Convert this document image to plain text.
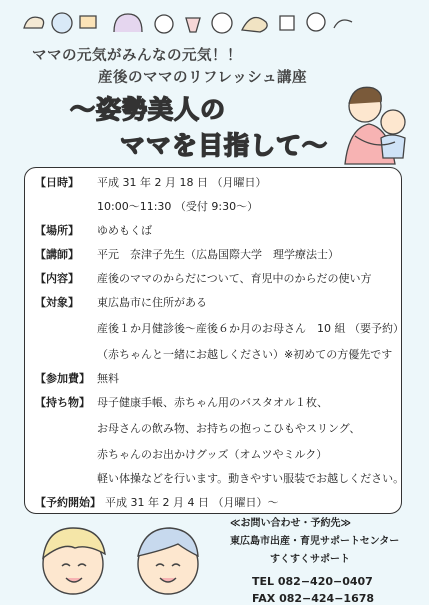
ママの元気がみんなの元気！！
産後のママのリフレッシュ講座
〜姿勢美人の
ママを目指して〜
【日時】 平成 31 年 2 月 18 日 （月曜日）
10:00〜11:30 （受付 9:30〜）
【場所】 ゆめもくば
【講師】 平元　奈津子先生（広島国際大学　理学療法士）
【内容】 産後のママのからだについて、育児中のからだの使い方
【対象】 東広島市に住所がある
産後１か月健診後〜産後６か月のお母さん　10 組 （要予約）
（赤ちゃんと一緒にお越しください）※初めての方優先です
【参加費】 無料
【持ち物】 母子健康手帳、赤ちゃん用のバスタオル１枚、
お母さんの飲み物、お持ちの抱っこひもやスリング、
赤ちゃんのお出かけグッズ（オムツやミルク）
軽い体操などを行います。動きやすい服装でお越しください。
【予約開始】 平成 31 年 2 月 4 日 （月曜日）〜
≪お問い合わせ・予約先≫
東広島市出産・育児サポートセンター
すくすくサポート
TEL 082−420−0407
FAX 082−424−1678
